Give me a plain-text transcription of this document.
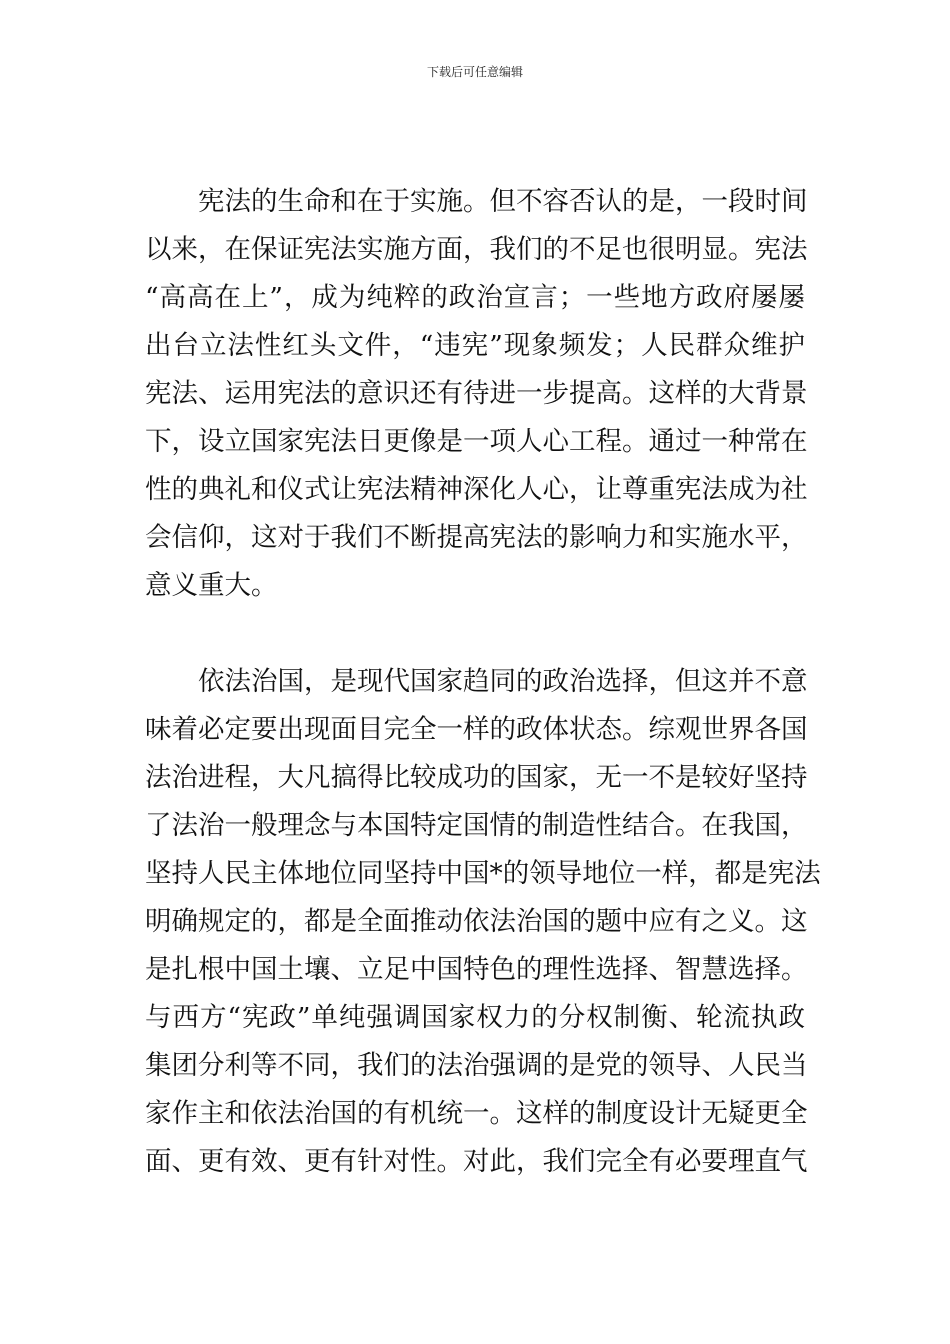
下载后可任意编辑
宪法的生命和在于实施。但不容否认的是，一段时间
以来，在保证宪法实施方面，我们的不足也很明显。宪法
“高高在上”，成为纯粹的政治宣言；一些地方政府屡屡
出台立法性红头文件，“违宪”现象频发；人民群众维护
宪法、运用宪法的意识还有待进一步提高。这样的大背景
下，设立国家宪法日更像是一项人心工程。通过一种常在
性的典礼和仪式让宪法精神深化人心，让尊重宪法成为社
会信仰，这对于我们不断提高宪法的影响力和实施水平，
意义重大。
依法治国，是现代国家趋同的政治选择，但这并不意
味着必定要出现面目完全一样的政体状态。综观世界各国
法治进程，大凡搞得比较成功的国家，无一不是较好坚持
了法治一般理念与本国特定国情的制造性结合。在我国，
坚持人民主体地位同坚持中国*的领导地位一样，都是宪法
明确规定的，都是全面推动依法治国的题中应有之义。这
是扎根中国土壤、立足中国特色的理性选择、智慧选择。
与西方“宪政”单纯强调国家权力的分权制衡、轮流执政
集团分利等不同，我们的法治强调的是党的领导、人民当
家作主和依法治国的有机统一。这样的制度设计无疑更全
面、更有效、更有针对性。对此，我们完全有必要理直气
